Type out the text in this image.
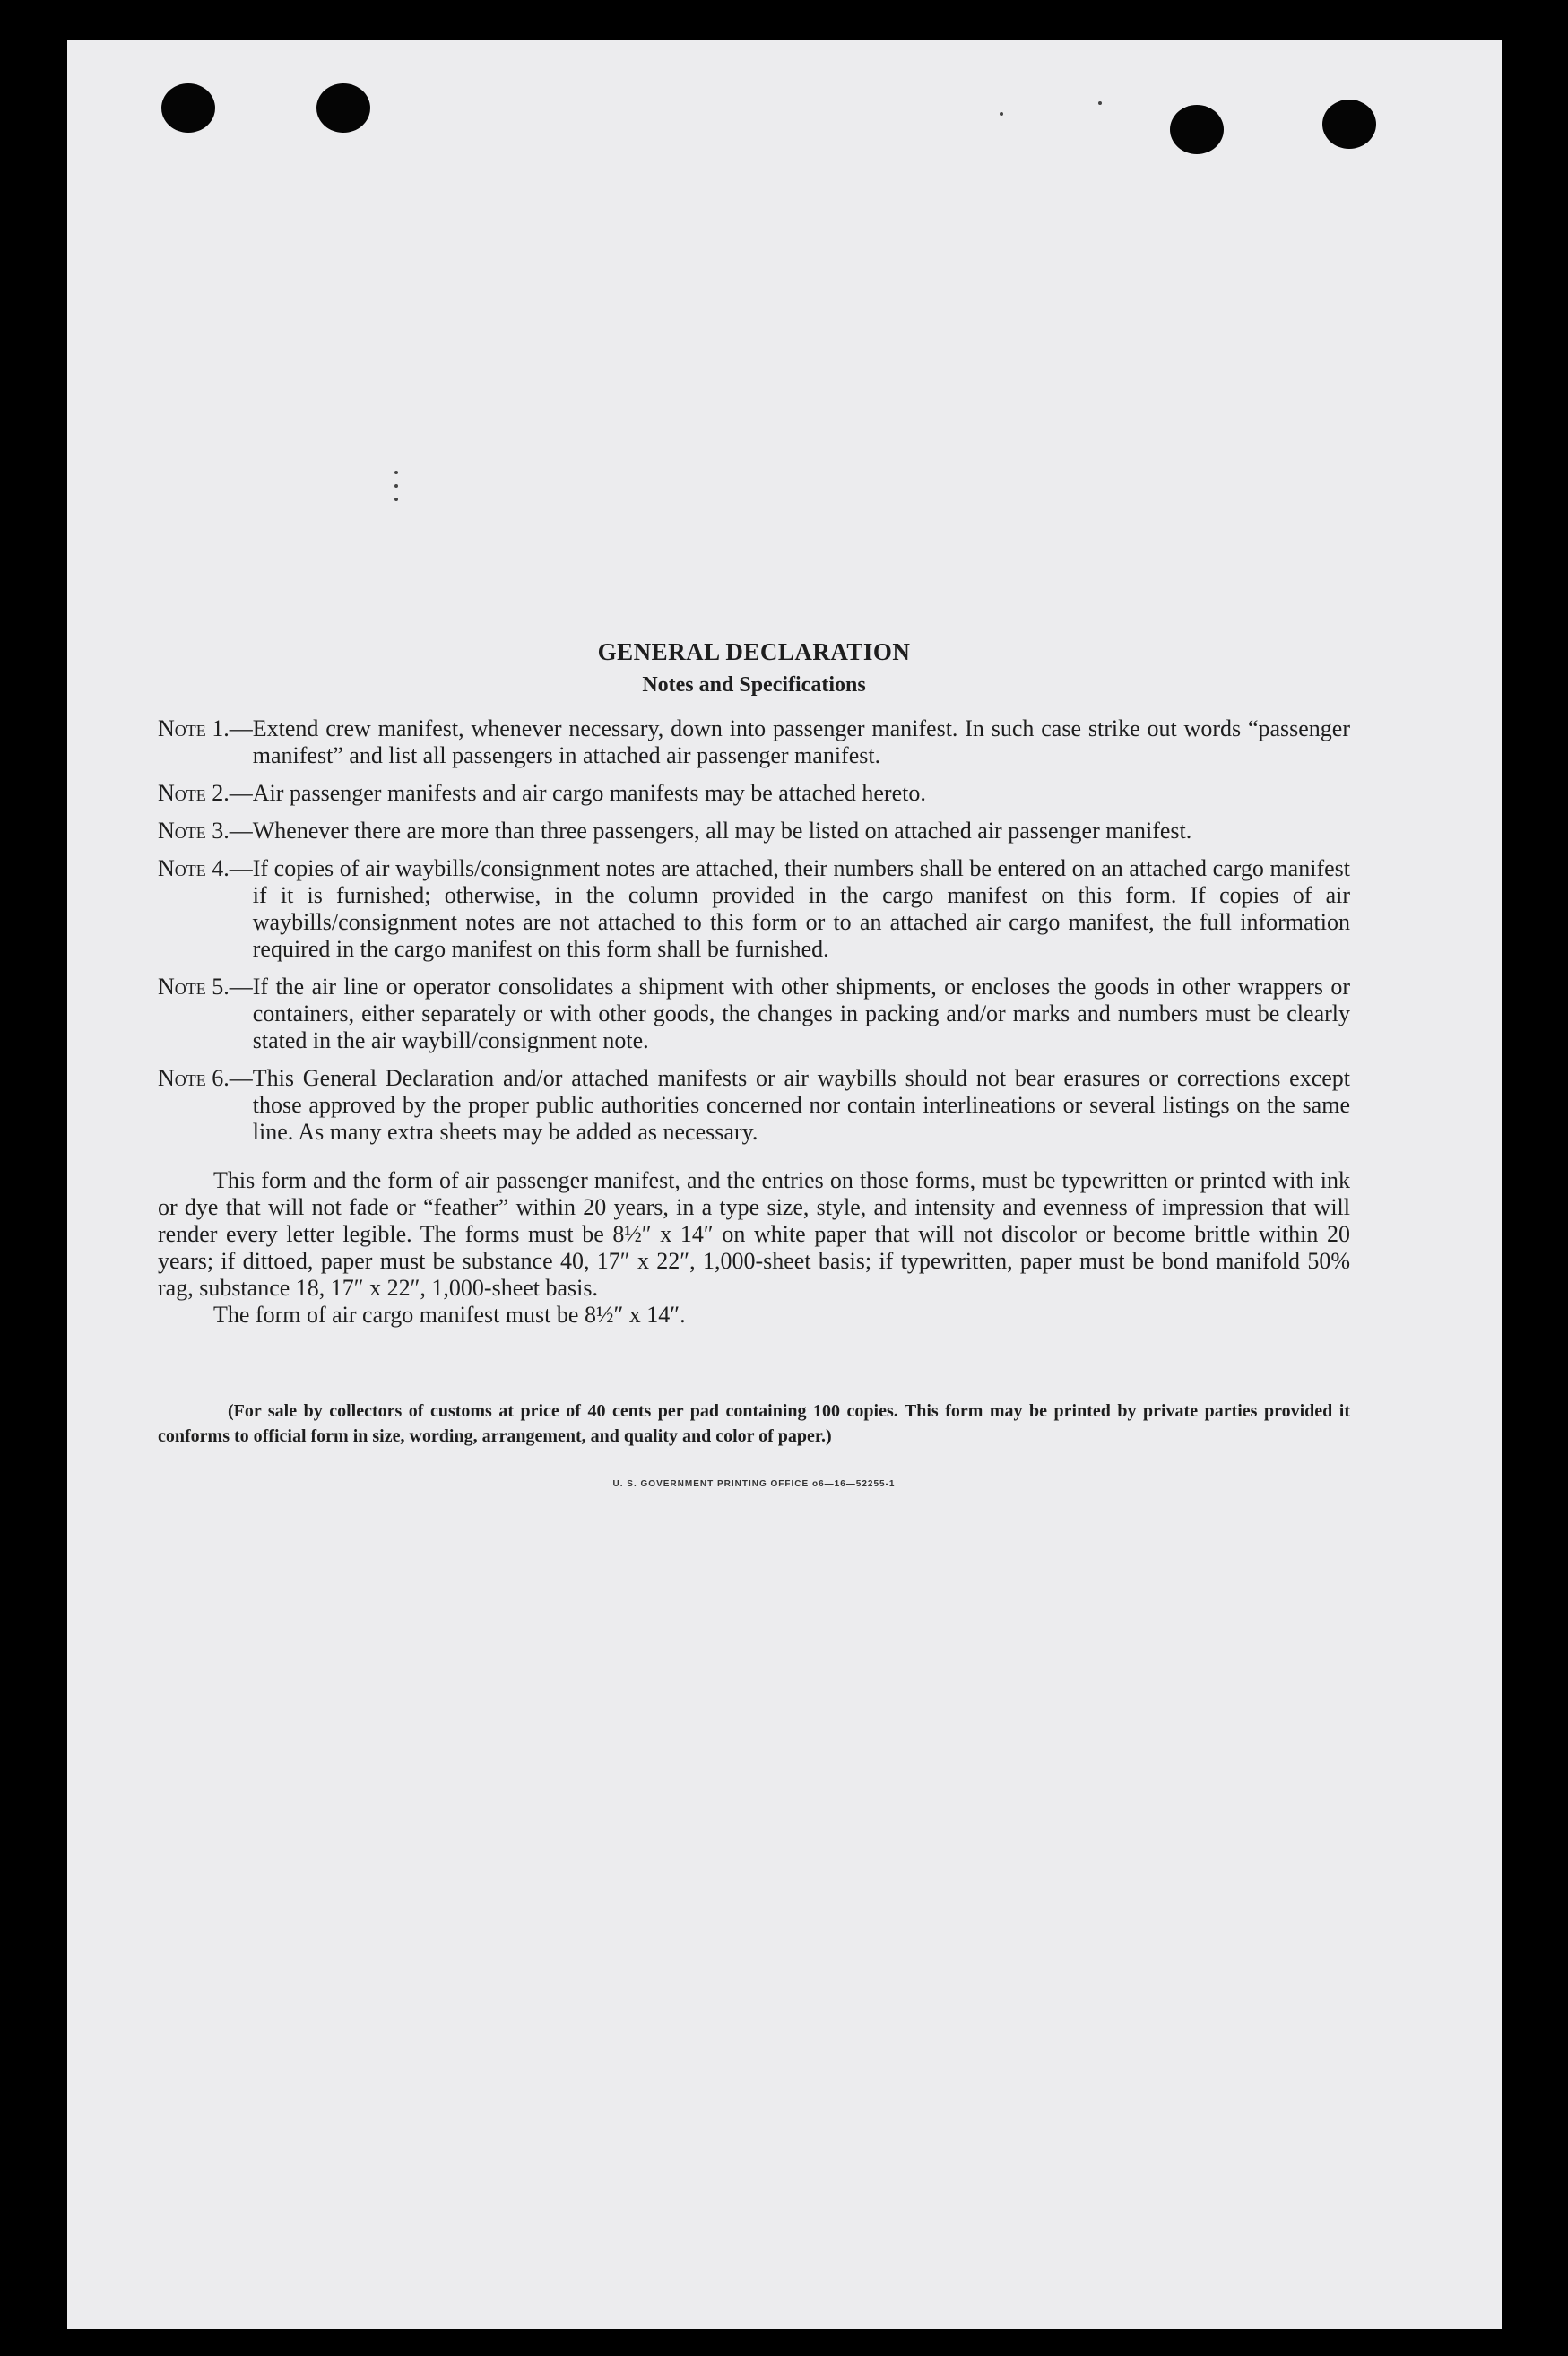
GENERAL DECLARATION
Notes and Specifications
Note 1. — Extend crew manifest, whenever necessary, down into passenger manifest. In such case strike out words “passenger manifest” and list all passengers in attached air passenger manifest.
Note 2. — Air passenger manifests and air cargo manifests may be attached hereto.
Note 3. — Whenever there are more than three passengers, all may be listed on attached air passenger manifest.
Note 4. — If copies of air waybills/consignment notes are attached, their numbers shall be entered on an attached cargo manifest if it is furnished; otherwise, in the column provided in the cargo manifest on this form. If copies of air waybills/consignment notes are not attached to this form or to an attached air cargo manifest, the full information required in the cargo manifest on this form shall be furnished.
Note 5. — If the air line or operator consolidates a shipment with other shipments, or encloses the goods in other wrappers or containers, either separately or with other goods, the changes in packing and/or marks and numbers must be clearly stated in the air waybill/consignment note.
Note 6. — This General Declaration and/or attached manifests or air waybills should not bear erasures or corrections except those approved by the proper public authorities concerned nor contain interlineations or several listings on the same line. As many extra sheets may be added as necessary.

This form and the form of air passenger manifest, and the entries on those forms, must be typewritten or printed with ink or dye that will not fade or “feather” within 20 years, in a type size, style, and intensity and evenness of impression that will render every letter legible. The forms must be 8½″ x 14″ on white paper that will not discolor or become brittle within 20 years; if dittoed, paper must be substance 40, 17″ x 22″, 1,000-sheet basis; if typewritten, paper must be bond manifold 50% rag, substance 18, 17″ x 22″, 1,000-sheet basis.

The form of air cargo manifest must be 8½″ x 14″.

(For sale by collectors of customs at price of 40 cents per pad containing 100 copies. This form may be printed by private parties provided it conforms to official form in size, wording, arrangement, and quality and color of paper.)

U. S. GOVERNMENT PRINTING OFFICE o6—16—52255-1
